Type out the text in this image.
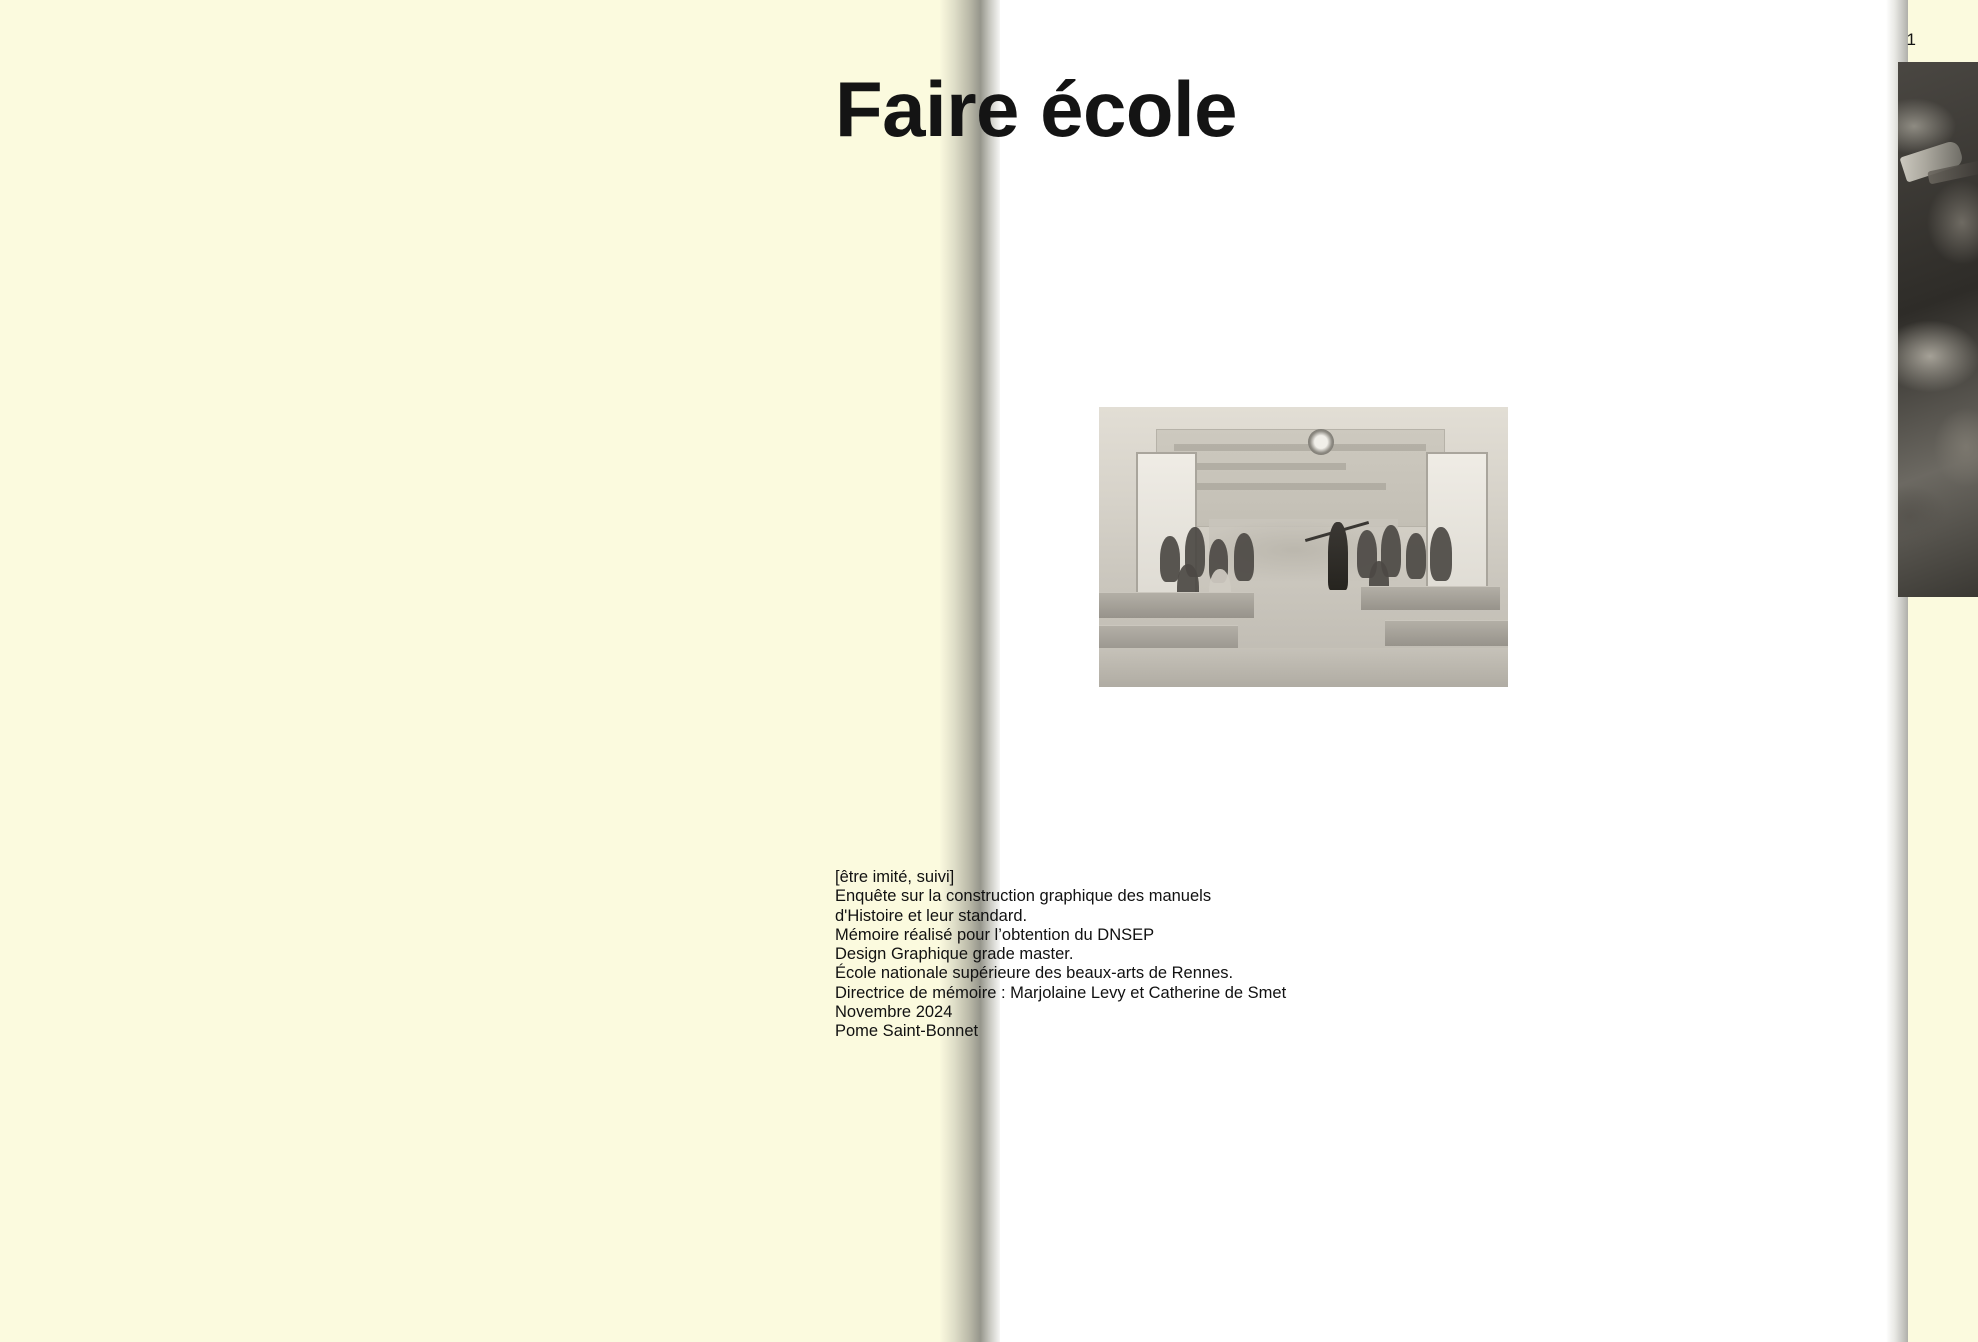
Faire école
1
[être imité, suivi]
Enquête sur la construction graphique des manuels
d'Histoire et leur standard.
Mémoire réalisé pour l’obtention du DNSEP
Design Graphique grade master.
École nationale supérieure des beaux-arts de Rennes.
Directrice de mémoire : Marjolaine Levy et Catherine de Smet
Novembre 2024
Pome Saint-Bonnet
